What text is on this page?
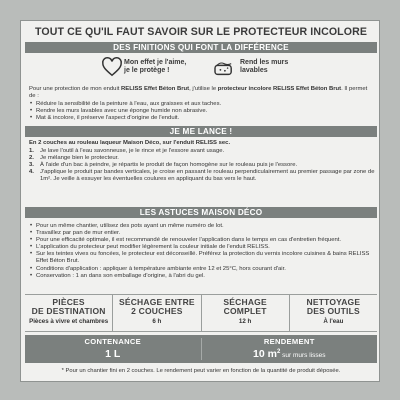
TOUT CE QU'IL FAUT SAVOIR SUR LE PROTECTEUR INCOLORE
DES FINITIONS QUI FONT LA DIFFÉRENCE
Mon effet je l'aime,
je le protège !
Rend les murs
lavables
Pour une protection de mon enduit RELISS Effet Béton Brut, j'utilise le protecteur incolore RELISS Effet Béton Brut. Il permet de :
• Réduire la sensibilité de la peinture à l'eau, aux graisses et aux taches.
• Rendre les murs lavables avec une éponge humide non abrasive.
• Mat & incolore, il préserve l'aspect d'origine de l'enduit.
JE ME LANCE !
En 2 couches au rouleau laqueur Maison Déco, sur l'enduit RELISS sec.
1. Je lave l'outil à l'eau savonneuse, je le rince et je l'essore avant usage.
2. Je mélange bien le protecteur.
3. À l'aide d'un bac à peindre, je répartis le produit de façon homogène sur le rouleau puis je l'essore.
4. J'applique le produit par bandes verticales, je croise en passant le rouleau perpendiculairement au premier passage par zone de 1m². Je veille à essuyer les éventuelles coulures en appliquant du bas vers le haut.
LES ASTUCES MAISON DÉCO
• Pour un même chantier, utilisez des pots ayant un même numéro de lot.
• Travaillez par pan de mur entier.
• Pour une efficacité optimale, il est recommandé de renouveler l'application dans le temps en cas d'entretien fréquent.
• L'application du protecteur peut modifier légèrement la couleur initiale de l'enduit RELISS.
• Sur les teintes vives ou foncées, le protecteur est déconseillé. Préférez la protection du vernis incolore cuisines & bains RELISS Effet Béton Brut.
• Conditions d'application : appliquer à température ambiante entre 12 et 25°C, hors courant d'air.
• Conservation : 1 an dans son emballage d'origine, à l'abri du gel.
PIÈCES
DE DESTINATION
Pièces à vivre et chambres
SÉCHAGE ENTRE
2 COUCHES
6 h
SÉCHAGE
COMPLET
12 h
NETTOYAGE
DES OUTILS
À l'eau
CONTENANCE
1 L
RENDEMENT
10 $m^2$ sur murs lisses
* Pour un chantier fini en 2 couches. Le rendement peut varier en fonction de la quantité de produit déposée.
